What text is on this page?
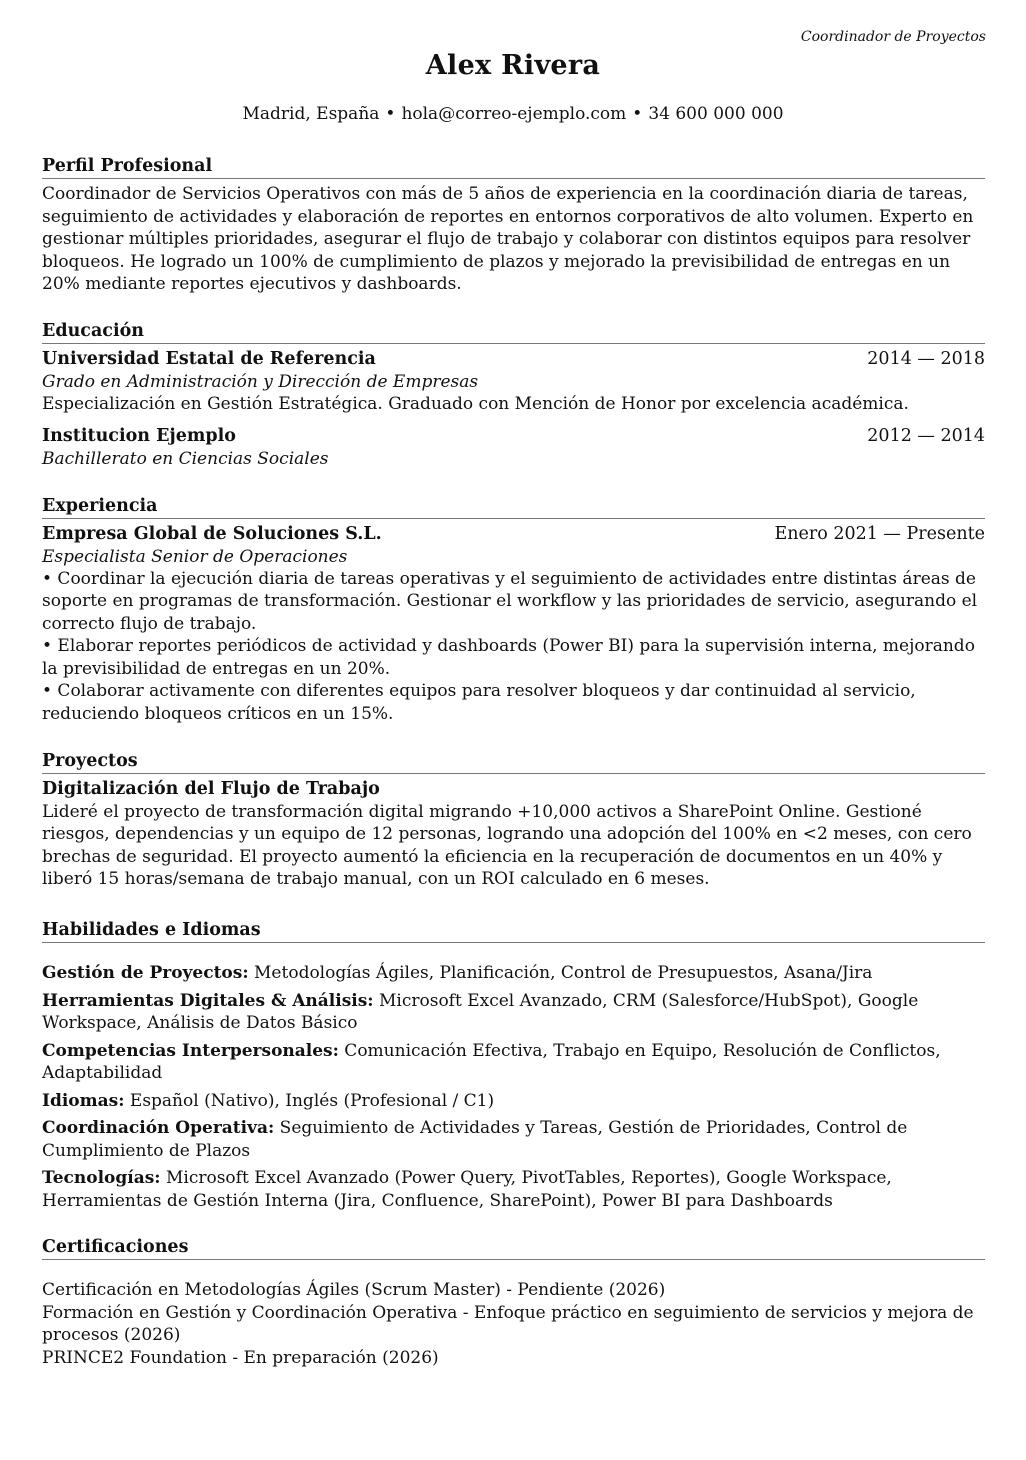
Coordinador de Proyectos
Alex Rivera
Madrid, España • hola@correo-ejemplo.com • 34 600 000 000
Perfil Profesional
Coordinador de Servicios Operativos con más de 5 años de experiencia en la coordinación diaria de tareas, seguimiento de actividades y elaboración de reportes en entornos corporativos de alto volumen. Experto en gestionar múltiples prioridades, asegurar el flujo de trabajo y colaborar con distintos equipos para resolver bloqueos. He logrado un 100% de cumplimiento de plazos y mejorado la previsibilidad de entregas en un 20% mediante reportes ejecutivos y dashboards.
Educación
Universidad Estatal de Referencia	2014 — 2018
Grado en Administración y Dirección de Empresas
Especialización en Gestión Estratégica. Graduado con Mención de Honor por excelencia académica.
Institucion Ejemplo	2012 — 2014
Bachillerato en Ciencias Sociales
Experiencia
Empresa Global de Soluciones S.L.	Enero 2021 — Presente
Especialista Senior de Operaciones
• Coordinar la ejecución diaria de tareas operativas y el seguimiento de actividades entre distintas áreas de soporte en programas de transformación. Gestionar el workflow y las prioridades de servicio, asegurando el correcto flujo de trabajo.
• Elaborar reportes periódicos de actividad y dashboards (Power BI) para la supervisión interna, mejorando la previsibilidad de entregas en un 20%.
• Colaborar activamente con diferentes equipos para resolver bloqueos y dar continuidad al servicio, reduciendo bloqueos críticos en un 15%.
Proyectos
Digitalización del Flujo de Trabajo
Lideré el proyecto de transformación digital migrando +10,000 activos a SharePoint Online. Gestioné riesgos, dependencias y un equipo de 12 personas, logrando una adopción del 100% en <2 meses, con cero brechas de seguridad. El proyecto aumentó la eficiencia en la recuperación de documentos en un 40% y liberó 15 horas/semana de trabajo manual, con un ROI calculado en 6 meses.
Habilidades e Idiomas
Gestión de Proyectos: Metodologías Ágiles, Planificación, Control de Presupuestos, Asana/Jira
Herramientas Digitales & Análisis: Microsoft Excel Avanzado, CRM (Salesforce/HubSpot), Google Workspace, Análisis de Datos Básico
Competencias Interpersonales: Comunicación Efectiva, Trabajo en Equipo, Resolución de Conflictos, Adaptabilidad
Idiomas: Español (Nativo), Inglés (Profesional / C1)
Coordinación Operativa: Seguimiento de Actividades y Tareas, Gestión de Prioridades, Control de Cumplimiento de Plazos
Tecnologías: Microsoft Excel Avanzado (Power Query, PivotTables, Reportes), Google Workspace, Herramientas de Gestión Interna (Jira, Confluence, SharePoint), Power BI para Dashboards
Certificaciones
Certificación en Metodologías Ágiles (Scrum Master) - Pendiente (2026)
Formación en Gestión y Coordinación Operativa - Enfoque práctico en seguimiento de servicios y mejora de procesos (2026)
PRINCE2 Foundation - En preparación (2026)
